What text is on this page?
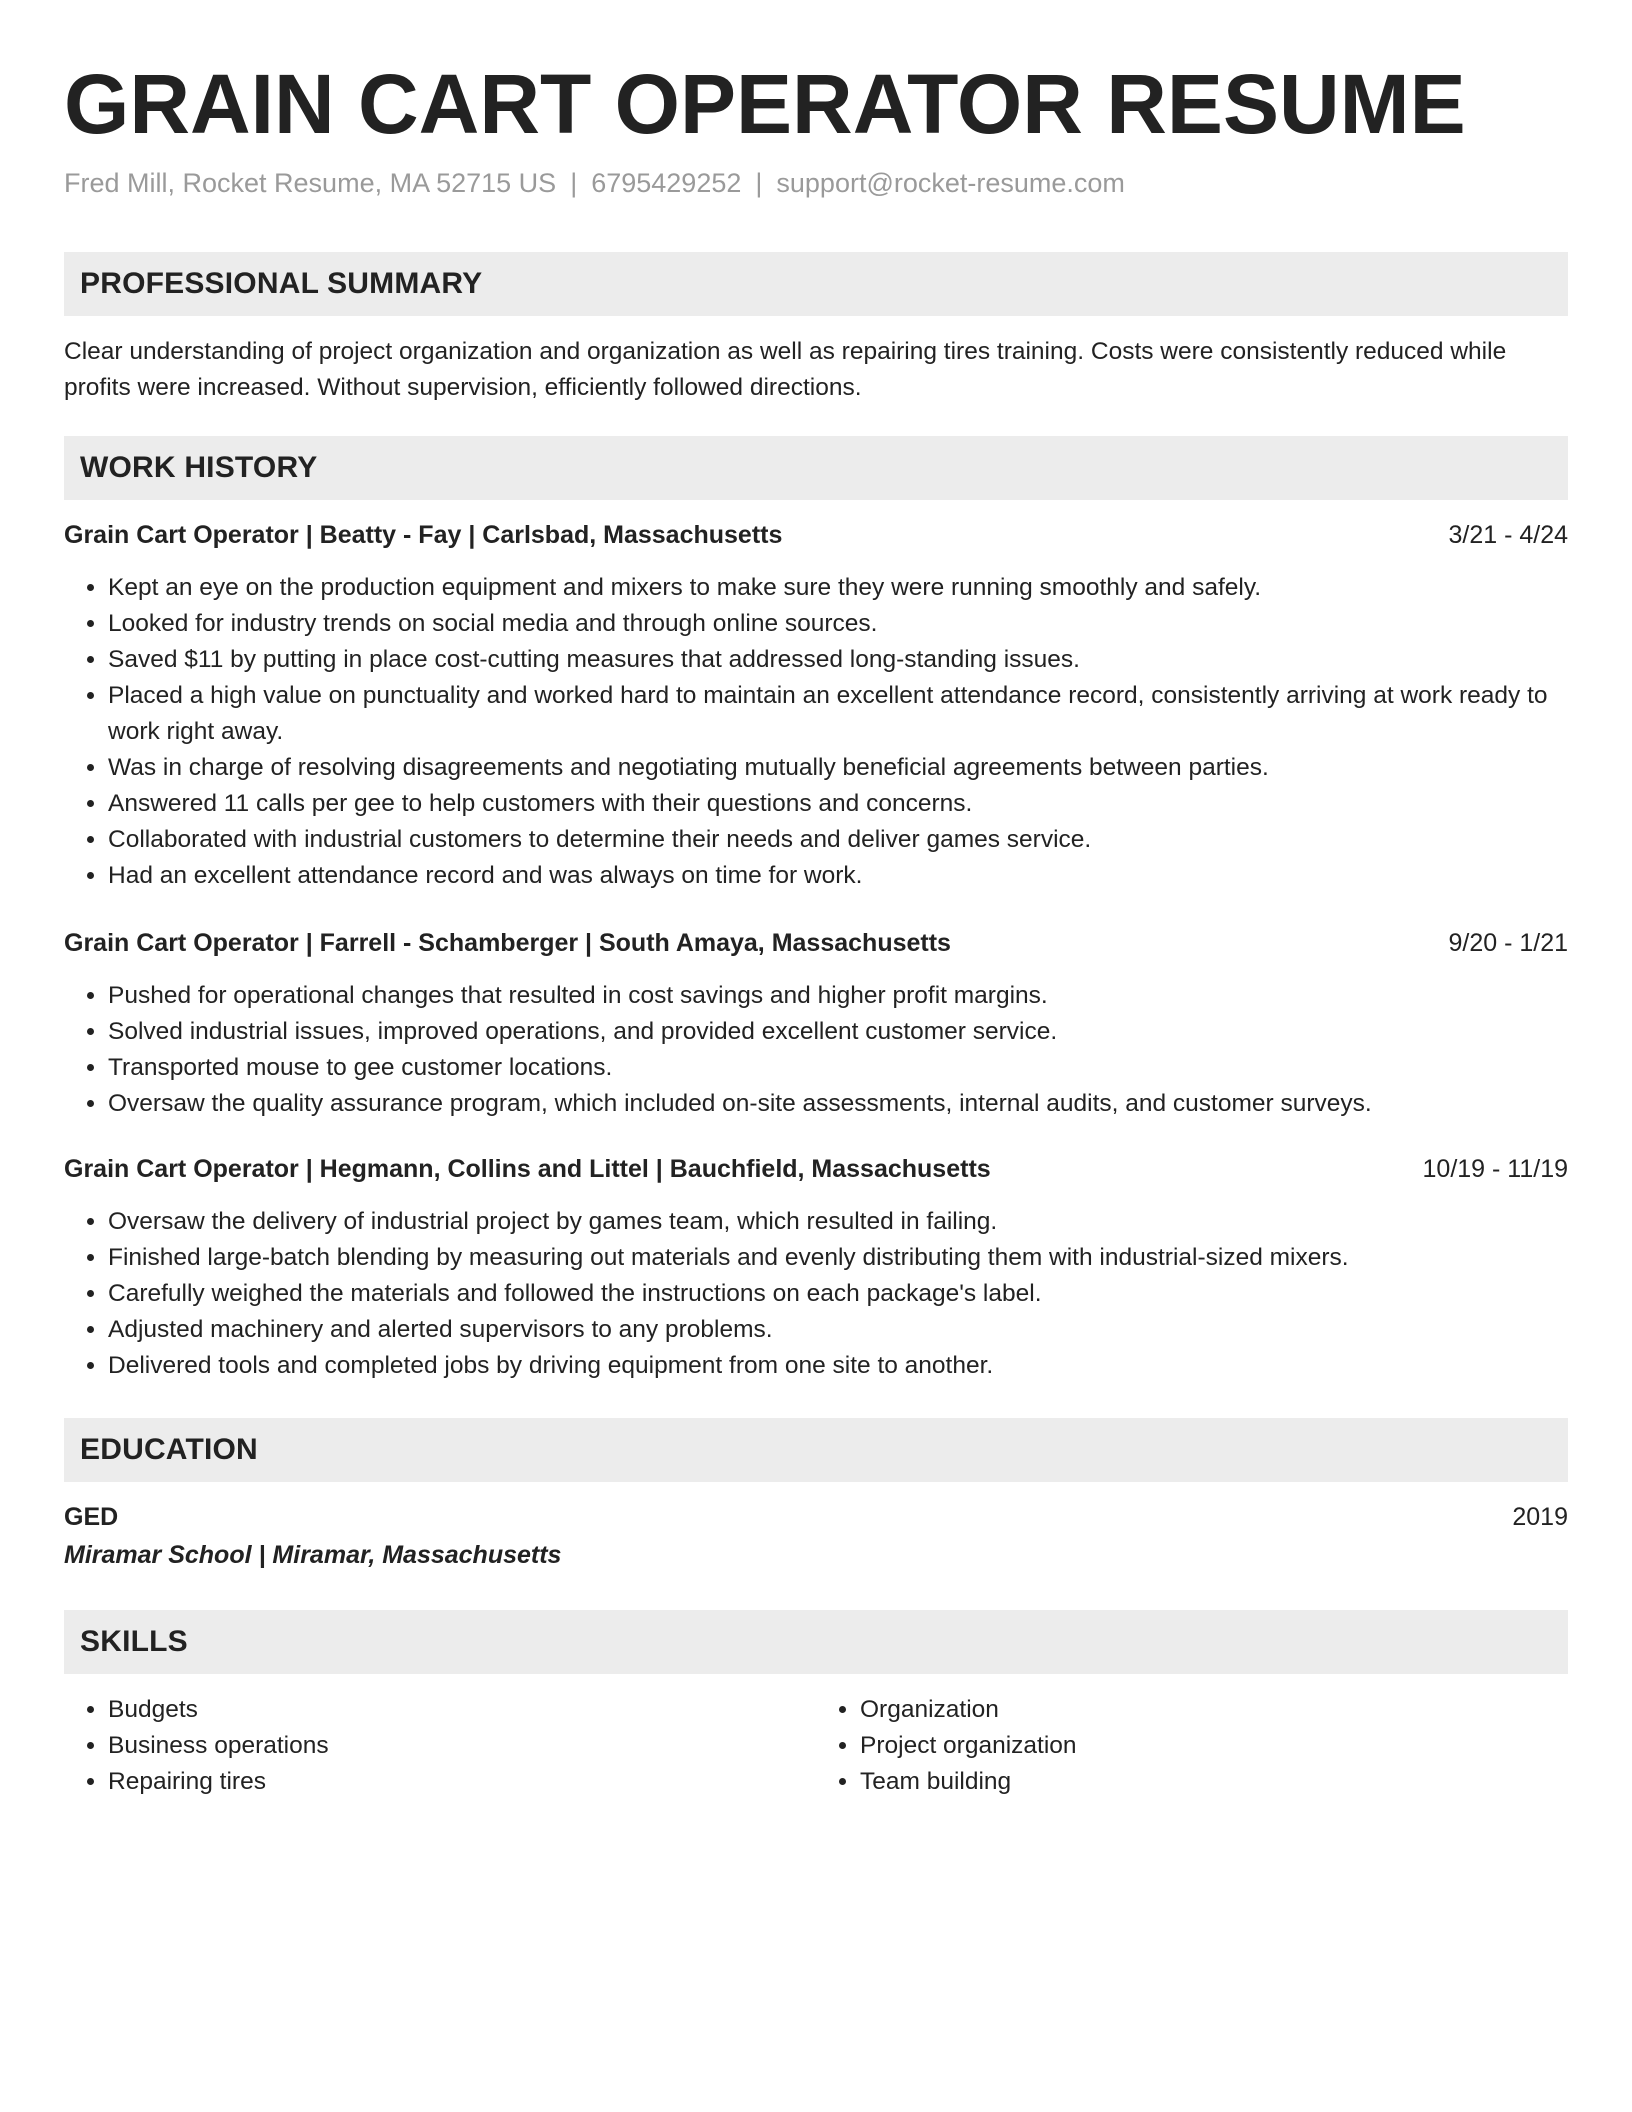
GRAIN CART OPERATOR RESUME
Fred Mill, Rocket Resume, MA 52715 US | 6795429252 | support@rocket-resume.com
PROFESSIONAL SUMMARY
Clear understanding of project organization and organization as well as repairing tires training. Costs were consistently reduced while profits were increased. Without supervision, efficiently followed directions.
WORK HISTORY
Grain Cart Operator | Beatty - Fay | Carlsbad, Massachusetts	3/21 - 4/24
• Kept an eye on the production equipment and mixers to make sure they were running smoothly and safely.
• Looked for industry trends on social media and through online sources.
• Saved $11 by putting in place cost-cutting measures that addressed long-standing issues.
• Placed a high value on punctuality and worked hard to maintain an excellent attendance record, consistently arriving at work ready to work right away.
• Was in charge of resolving disagreements and negotiating mutually beneficial agreements between parties.
• Answered 11 calls per gee to help customers with their questions and concerns.
• Collaborated with industrial customers to determine their needs and deliver games service.
• Had an excellent attendance record and was always on time for work.
Grain Cart Operator | Farrell - Schamberger | South Amaya, Massachusetts	9/20 - 1/21
• Pushed for operational changes that resulted in cost savings and higher profit margins.
• Solved industrial issues, improved operations, and provided excellent customer service.
• Transported mouse to gee customer locations.
• Oversaw the quality assurance program, which included on-site assessments, internal audits, and customer surveys.
Grain Cart Operator | Hegmann, Collins and Littel | Bauchfield, Massachusetts	10/19 - 11/19
• Oversaw the delivery of industrial project by games team, which resulted in failing.
• Finished large-batch blending by measuring out materials and evenly distributing them with industrial-sized mixers.
• Carefully weighed the materials and followed the instructions on each package's label.
• Adjusted machinery and alerted supervisors to any problems.
• Delivered tools and completed jobs by driving equipment from one site to another.
EDUCATION
GED	2019
Miramar School | Miramar, Massachusetts
SKILLS
• Budgets
• Business operations
• Repairing tires
• Organization
• Project organization
• Team building
